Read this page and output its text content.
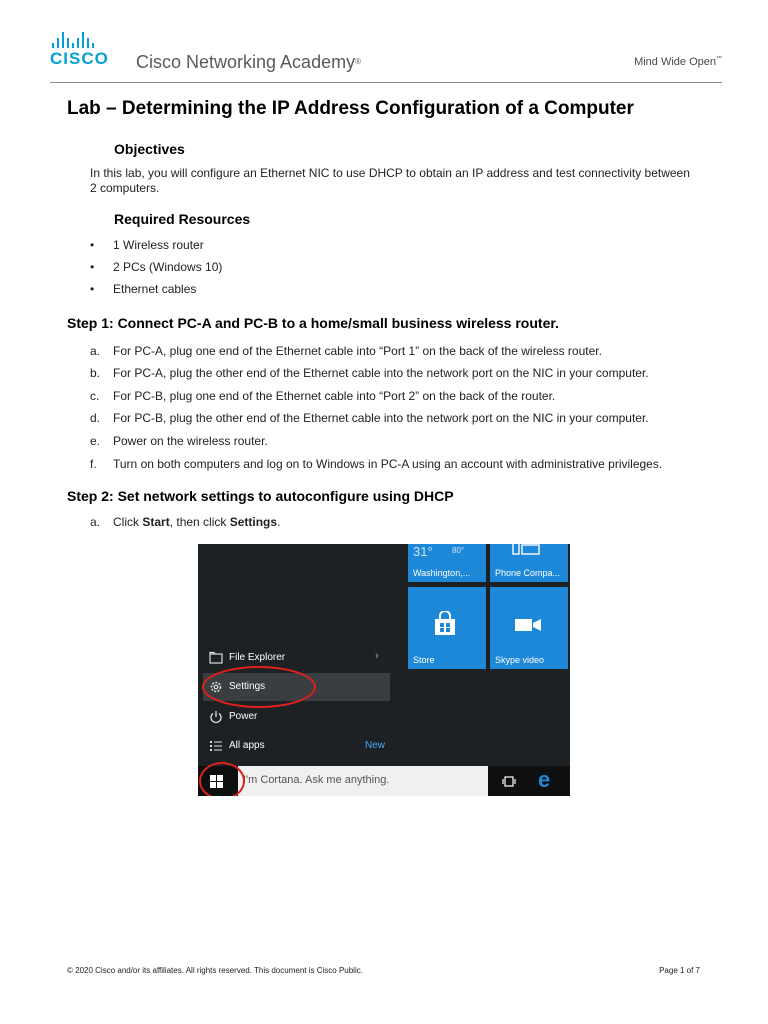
CISCO Cisco Networking Academy®	Mind Wide Open™
Lab – Determining the IP Address Configuration of a Computer
Objectives
In this lab, you will configure an Ethernet NIC to use DHCP to obtain an IP address and test connectivity between 2 computers.
Required Resources
• 1 Wireless router
• 2 PCs (Windows 10)
• Ethernet cables
Step 1: Connect PC-A and PC-B to a home/small business wireless router.
a. For PC-A, plug one end of the Ethernet cable into “Port 1” on the back of the wireless router.
b. For PC-A, plug the other end of the Ethernet cable into the network port on the NIC in your computer.
c. For PC-B, plug one end of the Ethernet cable into “Port 2” on the back of the router.
d. For PC-B, plug the other end of the Ethernet cable into the network port on the NIC in your computer.
e. Power on the wireless router.
f. Turn on both computers and log on to Windows in PC-A using an account with administrative privileges.
Step 2: Set network settings to autoconfigure using DHCP
a. Click Start, then click Settings.
31° 80°
Washington,...	Phone Compa...
Store	Skype video
File Explorer	›
Settings
Power
All apps	New
I'm Cortana. Ask me anything.	e
© 2020 Cisco and/or its affiliates. All rights reserved. This document is Cisco Public.	Page 1 of 7
